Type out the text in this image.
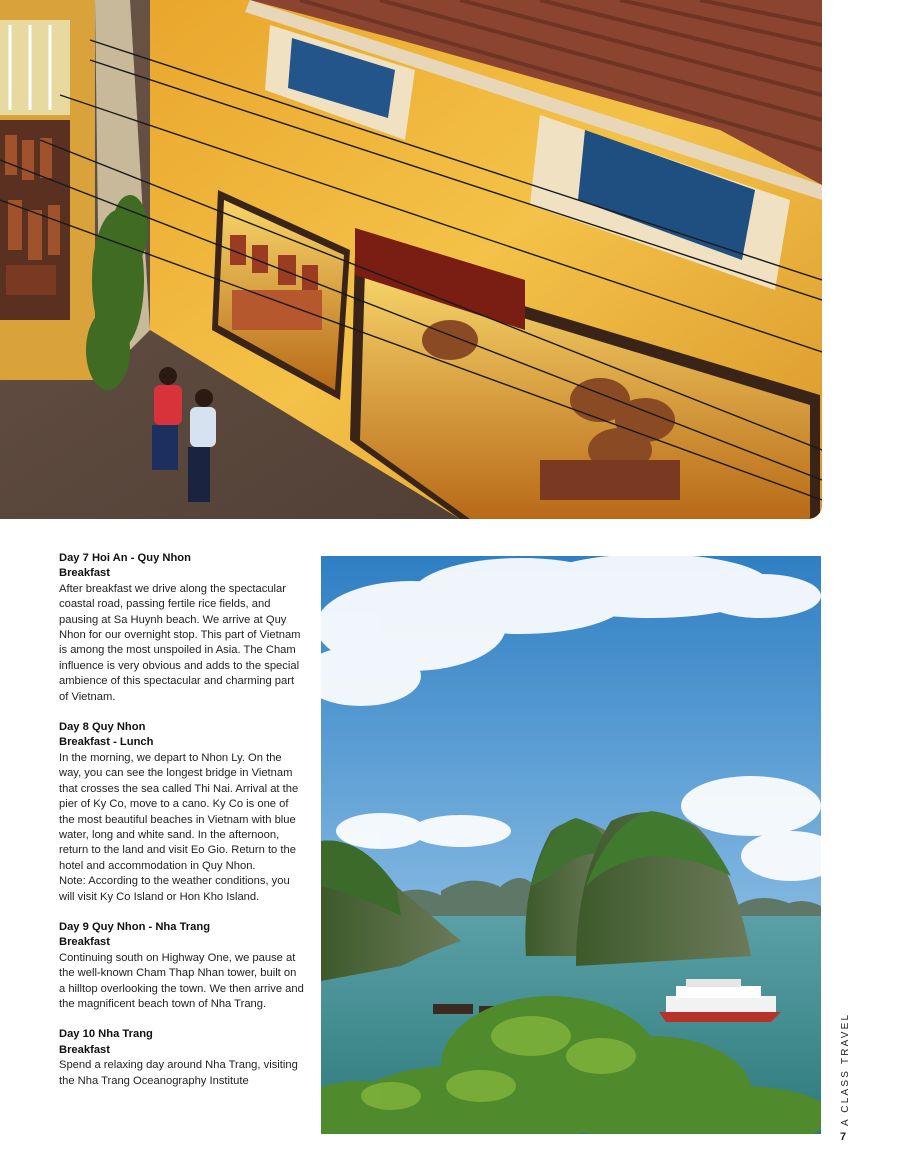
Day 7 Hoi An - Quy Nhon
Breakfast
After breakfast we drive along the spectacular coastal road, passing fertile rice fields, and pausing at Sa Huynh beach. We arrive at Quy Nhon for our overnight stop. This part of Vietnam is among the most unspoiled in Asia. The Cham influence is very obvious and adds to the special ambience of this spectacular and charming part of Vietnam.
Day 8 Quy Nhon
Breakfast - Lunch
In the morning, we depart to Nhon Ly. On the way, you can see the longest bridge in Vietnam that crosses the sea called Thi Nai. Arrival at the pier of Ky Co, move to a cano. Ky Co is one of the most beautiful beaches in Vietnam with blue water, long and white sand. In the afternoon, return to the land and visit Eo Gio. Return to the hotel and accommodation in Quy Nhon.
Note: According to the weather conditions, you will visit Ky Co Island or Hon Kho Island.
Day 9 Quy Nhon - Nha Trang
Breakfast
Continuing south on Highway One, we pause at the well-known Cham Thap Nhan tower, built on a hilltop overlooking the town. We then arrive and the magnificent beach town of Nha Trang.
Day 10 Nha Trang
Breakfast
Spend a relaxing day around Nha Trang, visiting the Nha Trang Oceanography Institute	A CLASS TRAVEL
7
